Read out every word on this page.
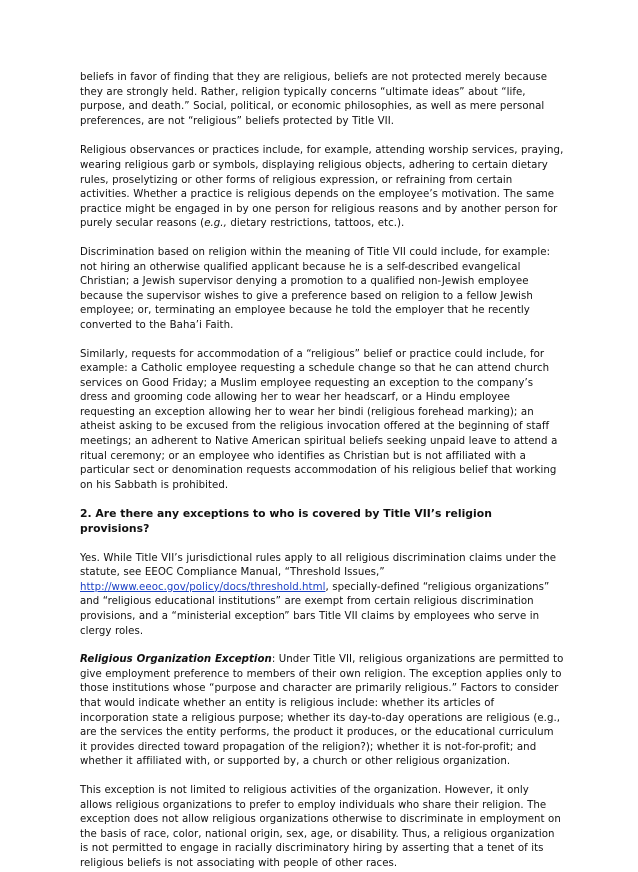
beliefs in favor of finding that they are religious, beliefs are not protected merely because they are strongly held. Rather, religion typically concerns “ultimate ideas” about “life, purpose, and death.” Social, political, or economic philosophies, as well as mere personal preferences, are not “religious” beliefs protected by Title VII.

Religious observances or practices include, for example, attending worship services, praying, wearing religious garb or symbols, displaying religious objects, adhering to certain dietary rules, proselytizing or other forms of religious expression, or refraining from certain activities. Whether a practice is religious depends on the employee’s motivation. The same practice might be engaged in by one person for religious reasons and by another person for purely secular reasons (e.g., dietary restrictions, tattoos, etc.).

Discrimination based on religion within the meaning of Title VII could include, for example: not hiring an otherwise qualified applicant because he is a self-described evangelical Christian; a Jewish supervisor denying a promotion to a qualified non-Jewish employee because the supervisor wishes to give a preference based on religion to a fellow Jewish employee; or, terminating an employee because he told the employer that he recently converted to the Baha’i Faith.

Similarly, requests for accommodation of a “religious” belief or practice could include, for example: a Catholic employee requesting a schedule change so that he can attend church services on Good Friday; a Muslim employee requesting an exception to the company’s dress and grooming code allowing her to wear her headscarf, or a Hindu employee requesting an exception allowing her to wear her bindi (religious forehead marking); an atheist asking to be excused from the religious invocation offered at the beginning of staff meetings; an adherent to Native American spiritual beliefs seeking unpaid leave to attend a ritual ceremony; or an employee who identifies as Christian but is not affiliated with a particular sect or denomination requests accommodation of his religious belief that working on his Sabbath is prohibited.

2. Are there any exceptions to who is covered by Title VII’s religion provisions?

Yes. While Title VII’s jurisdictional rules apply to all religious discrimination claims under the statute, see EEOC Compliance Manual, “Threshold Issues,” http://www.eeoc.gov/policy/docs/threshold.html, specially-defined “religious organizations” and “religious educational institutions” are exempt from certain religious discrimination provisions, and a “ministerial exception” bars Title VII claims by employees who serve in clergy roles.

Religious Organization Exception: Under Title VII, religious organizations are permitted to give employment preference to members of their own religion. The exception applies only to those institutions whose “purpose and character are primarily religious.” Factors to consider that would indicate whether an entity is religious include: whether its articles of incorporation state a religious purpose; whether its day-to-day operations are religious (e.g., are the services the entity performs, the product it produces, or the educational curriculum it provides directed toward propagation of the religion?); whether it is not-for-profit; and whether it affiliated with, or supported by, a church or other religious organization.

This exception is not limited to religious activities of the organization. However, it only allows religious organizations to prefer to employ individuals who share their religion. The exception does not allow religious organizations otherwise to discriminate in employment on the basis of race, color, national origin, sex, age, or disability. Thus, a religious organization is not permitted to engage in racially discriminatory hiring by asserting that a tenet of its religious beliefs is not associating with people of other races.
